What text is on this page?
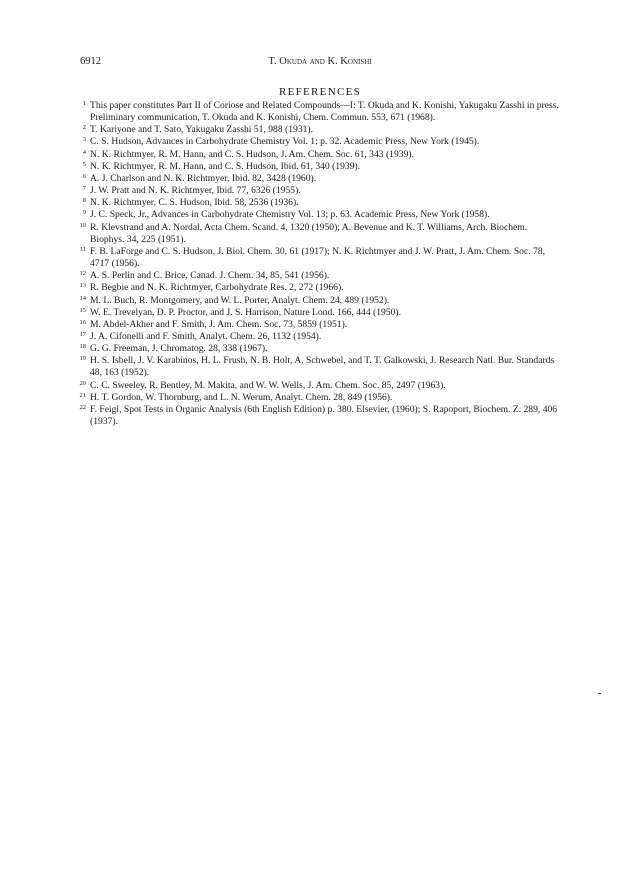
6912	T. Okuda and K. Konishi
REFERENCES
1 This paper constitutes Part II of Coriose and Related Compounds—I: T. Okuda and K. Konishi, Yakugaku Zasshi in press. Preliminary communication, T. Okuda and K. Konishi, Chem. Commun. 553, 671 (1968).
2 T. Kariyone and T. Sato, Yakugaku Zasshi 51, 988 (1931).
3 C. S. Hudson, Advances in Carbohydrate Chemistry Vol. 1; p. 32. Academic Press, New York (1945).
4 N. K. Richtmyer, R. M. Hann, and C. S. Hudson, J. Am. Chem. Soc. 61, 343 (1939).
5 N. K. Richtmyer, R. M. Hann, and C. S. Hudson, Ibid. 61, 340 (1939).
6 A. J. Charlson and N. K. Richtmyer, Ibid. 82, 3428 (1960).
7 J. W. Pratt and N. K. Richtmyer, Ibid. 77, 6326 (1955).
8 N. K. Richtmyer, C. S. Hudson, Ibid. 58, 2536 (1936).
9 J. C. Speck, Jr., Advances in Carbohydrate Chemistry Vol. 13; p. 63. Academic Press, New York (1958).
10 R. Klevstrand and A. Nordal, Acta Chem. Scand. 4, 1320 (1950); A. Bevenue and K. T. Williams, Arch. Biochem. Biophys. 34, 225 (1951).
11 F. B. LaForge and C. S. Hudson, J. Biol. Chem. 30, 61 (1917); N. K. Richtmyer and J. W. Pratt, J. Am. Chem. Soc. 78, 4717 (1956).
12 A. S. Perlin and C. Brice, Canad. J. Chem. 34, 85, 541 (1956).
13 R. Begbie and N. K. Richtmyer, Carbohydrate Res. 2, 272 (1966).
14 M. L. Buch, R. Montgomery, and W. L. Porter, Analyt. Chem. 24, 489 (1952).
15 W. E. Trevelyan, D. P. Proctor, and J. S. Harrison, Nature Lond. 166, 444 (1950).
16 M. Abdel-Akher and F. Smith, J. Am. Chem. Soc. 73, 5859 (1951).
17 J. A. Cifonelli and F. Smith, Analyt. Chem. 26, 1132 (1954).
18 G. G. Freeman, J. Chromatog. 28, 338 (1967).
19 H. S. Isbell, J. V. Karabinos, H. L. Frush, N. B. Holt, A. Schwebel, and T. T. Galkowski, J. Research Natl. Bur. Standards 48, 163 (1952).
20 C. C. Sweeley, R. Bentley, M. Makita, and W. W. Wells, J. Am. Chem. Soc. 85, 2497 (1963).
21 H. T. Gordon, W. Thornburg, and L. N. Werum, Analyt. Chem. 28, 849 (1956).
22 F. Feigl, Spot Tests in Organic Analysis (6th English Edition) p. 380. Elsevier, (1960); S. Rapoport, Biochem. Z. 289, 406 (1937).
